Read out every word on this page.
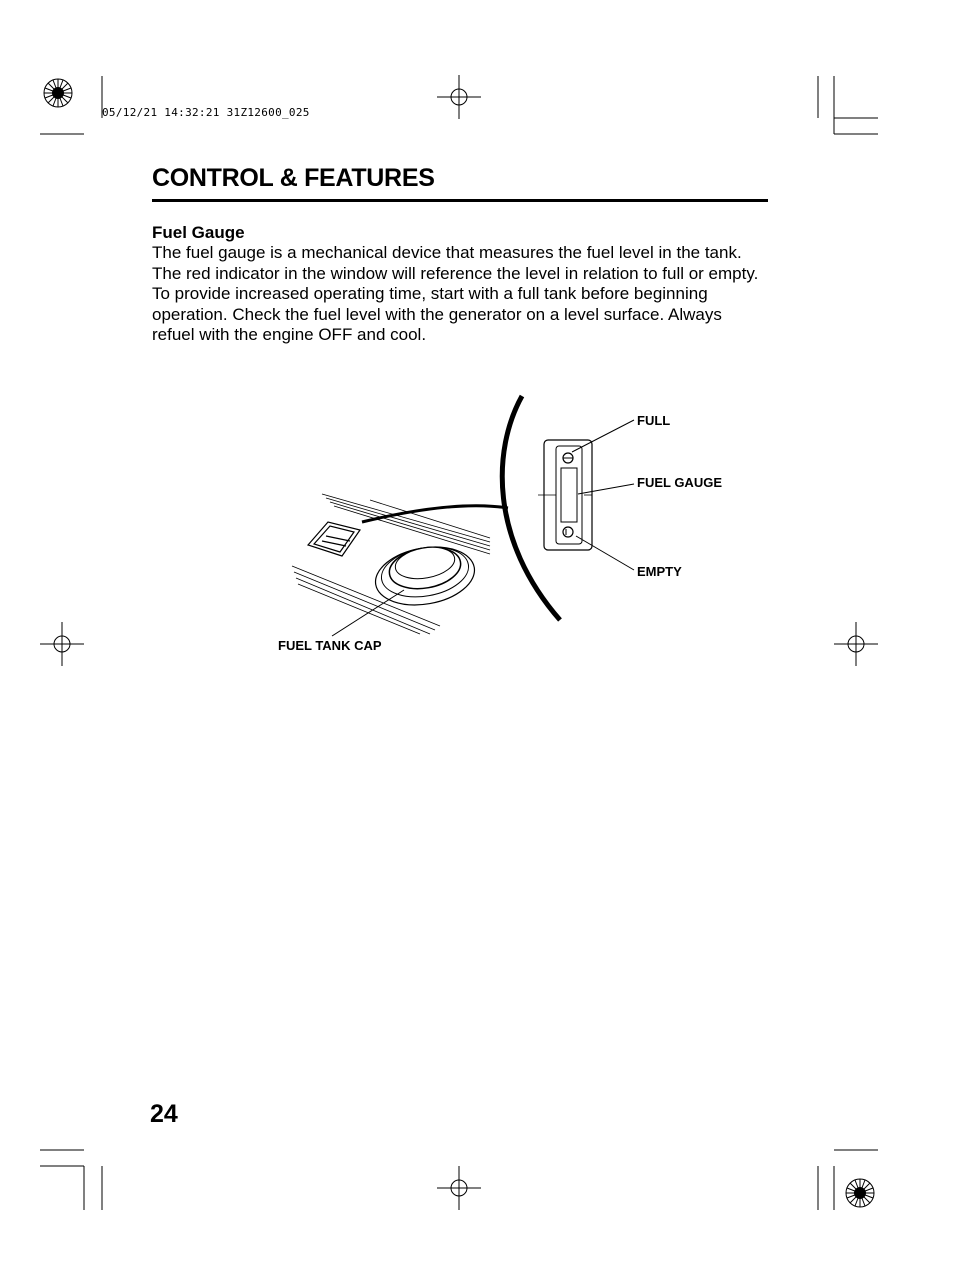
05/12/21 14:32:21 31Z12600_025
CONTROL & FEATURES
Fuel Gauge
The fuel gauge is a mechanical device that measures the fuel level in the tank. The red indicator in the window will reference the level in relation to full or empty. To provide increased operating time, start with a full tank before beginning operation. Check the fuel level with the generator on a level surface. Always refuel with the engine OFF and cool.
FULL
FUEL GAUGE
EMPTY
FUEL TANK CAP
24
